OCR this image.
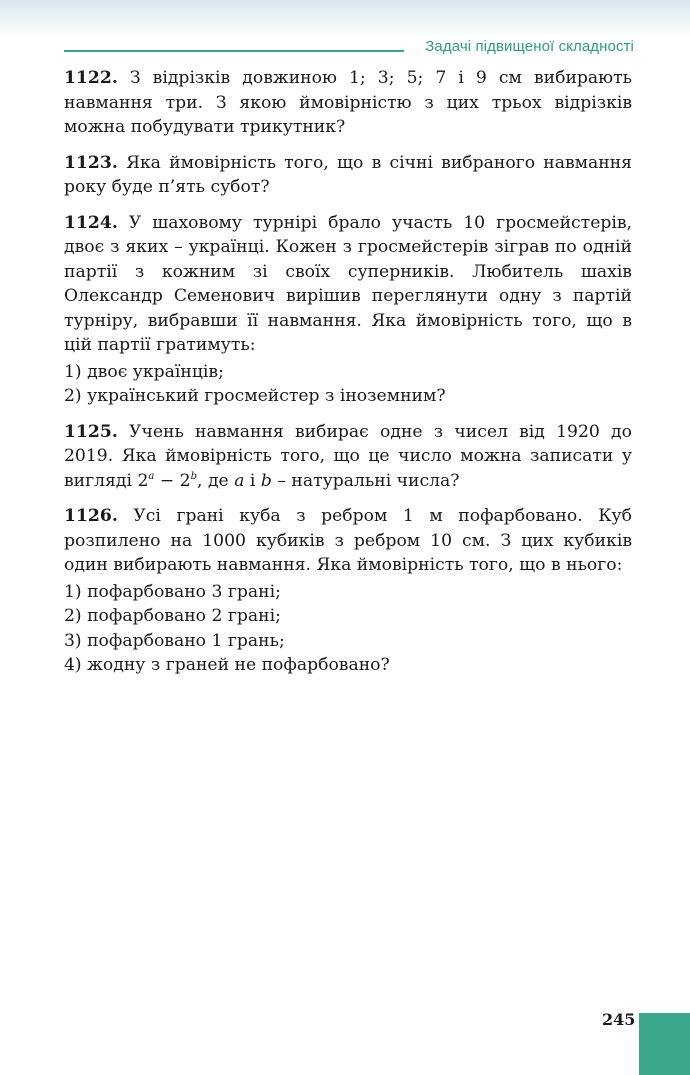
Задачі підвищеної складності

1122. З відрізків довжиною 1; 3; 5; 7 і 9 см вибирають навмання три. З якою ймовірністю з цих трьох відрізків можна побудувати трикутник?

1123. Яка ймовірність того, що в січні вибраного навмання року буде п’ять субот?

1124. У шаховому турнірі брало участь 10 гросмейстерів, двоє з яких – українці. Кожен з гросмейстерів зіграв по одній партії з кожним зі своїх суперників. Любитель шахів Олександр Семенович вирішив переглянути одну з партій турніру, вибравши її навмання. Яка ймовірність того, що в цій партії гратимуть:

1) двоє українців;

2) український гросмейстер з іноземним?

1125. Учень навмання вибирає одне з чисел від 1920 до 2019. Яка ймовірність того, що це число можна записати у вигляді $2^a - 2^b$, де a і b – натуральні числа?

1126. Усі грані куба з ребром 1 м пофарбовано. Куб розпилено на 1000 кубиків з ребром 10 см. З цих кубиків один вибирають навмання. Яка ймовірність того, що в нього:

1) пофарбовано 3 грані;

2) пофарбовано 2 грані;

3) пофарбовано 1 грань;

4) жодну з граней не пофарбовано?

245
